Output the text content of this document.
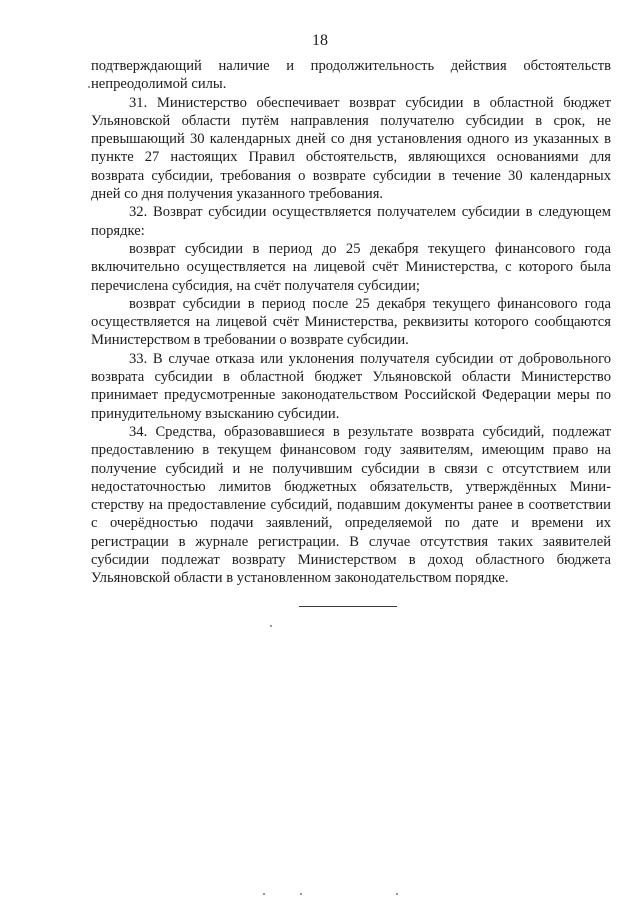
18

подтверждающий наличие и продолжительность действия обстоятельств непреодолимой силы.

31. Министерство обеспечивает возврат субсидии в областной бюджет Ульяновской области путём направления получателю субсидии в срок, не превышающий 30 календарных дней со дня установления одного из указанных в пункте 27 настоящих Правил обстоятельств, являющихся основаниями для возврата субсидии, требования о возврате субсидии в течение 30 календарных дней со дня получения указанного требования.

32. Возврат субсидии осуществляется получателем субсидии в следующем порядке:

возврат субсидии в период до 25 декабря текущего финансового года включительно осуществляется на лицевой счёт Министерства, с которого была перечислена субсидия, на счёт получателя субсидии;

возврат субсидии в период после 25 декабря текущего финансового года осуществляется на лицевой счёт Министерства, реквизиты которого сообщаются Министерством в требовании о возврате субсидии.

33. В случае отказа или уклонения получателя субсидии от добровольного возврата субсидии в областной бюджет Ульяновской области Министерство принимает предусмотренные законодательством Российской Федерации меры по принудительному взысканию субсидии.

34. Средства, образовавшиеся в результате возврата субсидий, подлежат предоставлению в текущем финансовом году заявителям, имеющим право на получение субсидий и не получившим субсидии в связи с отсутствием или недостаточностью лимитов бюджетных обязательств, утверждённых Министерству на предоставление субсидий, подавшим документы ранее в соответствии с очерёдностью подачи заявлений, определяемой по дате и времени их регистрации в журнале регистрации. В случае отсутствия таких заявителей субсидии подлежат возврату Министерством в доход областного бюджета Ульяновской области в установленном законодательством порядке.
